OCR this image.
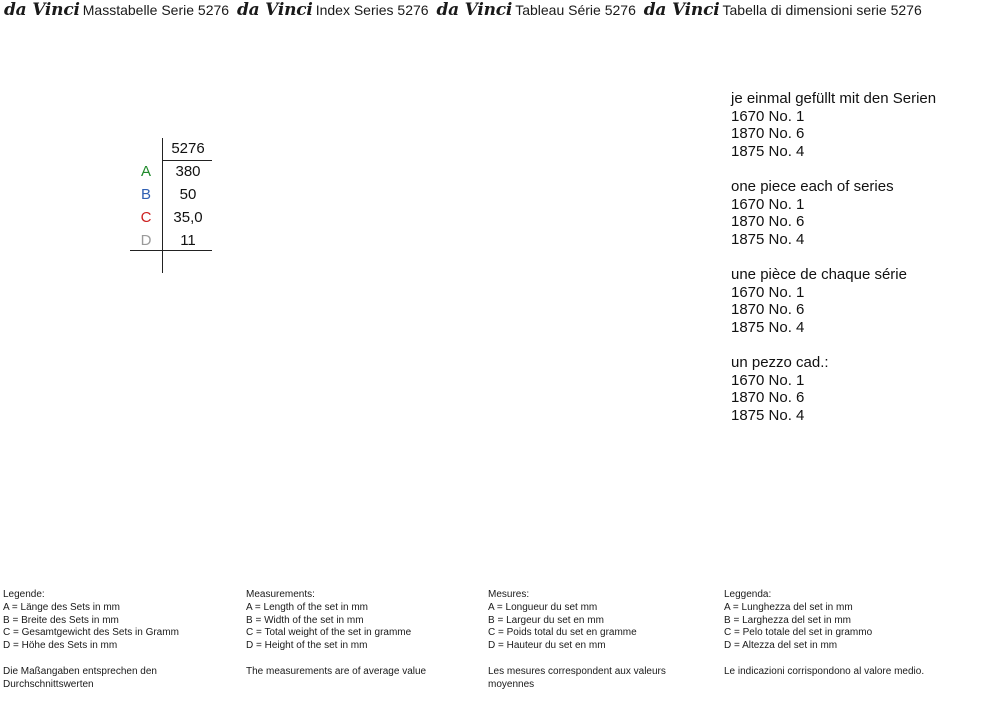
da Vinci Masstabelle Serie 5276 da Vinci Index Series 5276 da Vinci Tableau Série 5276 da Vinci Tabella di dimensioni serie 5276
5276
A	380
B	50
C	35,0
D	11
je einmal gefüllt mit den Serien
1670 No. 1
1870 No. 6
1875 No. 4
one piece each of series
1670 No. 1
1870 No. 6
1875 No. 4
une pièce de chaque série
1670 No. 1
1870 No. 6
1875 No. 4
un pezzo cad.:
1670 No. 1
1870 No. 6
1875 No. 4
Legende:
A = Länge des Sets in mm
B = Breite des Sets in mm
C = Gesamtgewicht des Sets in Gramm
D = Höhe des Sets in mm
Die Maßangaben entsprechen den Durchschnittswerten
Measurements:
A = Length of the set in mm
B = Width of the set in mm
C = Total weight of the set in gramme
D = Height of the set in mm
The measurements are of average value
Mesures:
A = Longueur du set mm
B = Largeur du set en mm
C = Poids total du set en gramme
D = Hauteur du set en mm
Les mesures correspondent aux valeurs moyennes
Leggenda:
A = Lunghezza del set in mm
B = Larghezza del set in mm
C = Pelo totale del set in grammo
D = Altezza del set in mm
Le indicazioni corrispondono al valore medio.
